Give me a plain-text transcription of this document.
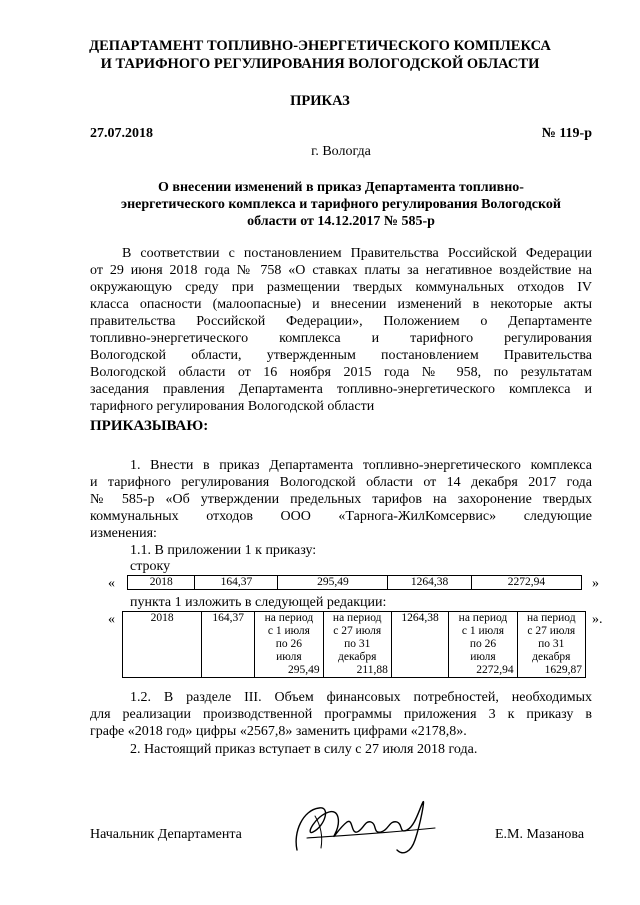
ДЕПАРТАМЕНТ ТОПЛИВНО-ЭНЕРГЕТИЧЕСКОГО КОМПЛЕКСА
И ТАРИФНОГО РЕГУЛИРОВАНИЯ ВОЛОГОДСКОЙ ОБЛАСТИ
ПРИКАЗ
27.07.2018	№ 119-р
г. Вологда
О внесении изменений в приказ Департамента топливно-
энергетического комплекса и тарифного регулирования Вологодской
области от 14.12.2017 № 585-р
В соответствии с постановлением Правительства Российской Федерации
от 29 июня 2018 года № 758 «О ставках платы за негативное воздействие на
окружающую среду при размещении твердых коммунальных отходов IV
класса опасности (малоопасные) и внесении изменений в некоторые акты
правительства Российской Федерации», Положением о Департаменте
топливно-энергетического комплекса и тарифного регулирования
Вологодской области, утвержденным постановлением Правительства
Вологодской области от 16 ноября 2015 года № 958, по результатам
заседания правления Департамента топливно-энергетического комплекса и
тарифного регулирования Вологодской области
ПРИКАЗЫВАЮ:
1. Внести в приказ Департамента топливно-энергетического комплекса
и тарифного регулирования Вологодской области от 14 декабря 2017 года
№ 585-р «Об утверждении предельных тарифов на захоронение твердых
коммунальных отходов ООО «Тарнога-ЖилКомсервис» следующие
изменения:
1.1. В приложении 1 к приказу:
строку
«	2018	164,37	295,49	1264,38	2272,94	»
пункта 1 изложить в следующей редакции:
«	2018	164,37	на период
с 1 июля
по 26
июля
295,49

на период
с 27 июля
по 31
декабря
211,88
	1264,38	на период
с 1 июля
по 26
июля
2272,94

на период
с 27 июля
по 31
декабря
1629,87
».
1.2. В разделе III. Объем финансовых потребностей, необходимых
для реализации производственной программы приложения 3 к приказу в
графе «2018 год» цифры «2567,8» заменить цифрами «2178,8».
2. Настоящий приказ вступает в силу с 27 июля 2018 года.
Начальник Департамента	Е.М. Мазанова
